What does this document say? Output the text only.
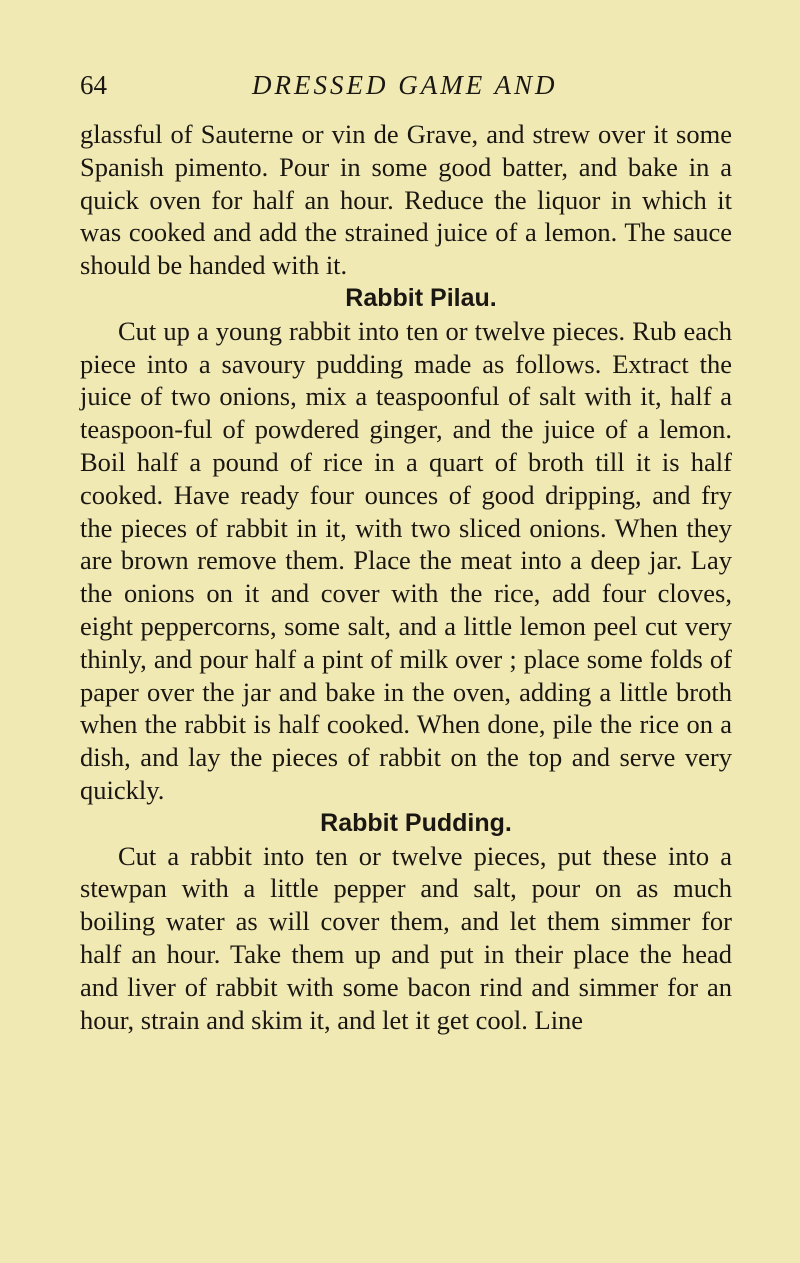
64	DRESSED GAME AND

glassful of Sauterne or vin de Grave, and strew over it some Spanish pimento. Pour in some good batter, and bake in a quick oven for half an hour. Reduce the liquor in which it was cooked and add the strained juice of a lemon. The sauce should be handed with it.

Rabbit Pilau.

Cut up a young rabbit into ten or twelve pieces. Rub each piece into a savoury pudding made as follows. Extract the juice of two onions, mix a teaspoonful of salt with it, half a teaspoon-ful of powdered ginger, and the juice of a lemon. Boil half a pound of rice in a quart of broth till it is half cooked. Have ready four ounces of good dripping, and fry the pieces of rabbit in it, with two sliced onions. When they are brown remove them. Place the meat into a deep jar. Lay the onions on it and cover with the rice, add four cloves, eight peppercorns, some salt, and a little lemon peel cut very thinly, and pour half a pint of milk over ; place some folds of paper over the jar and bake in the oven, adding a little broth when the rabbit is half cooked. When done, pile the rice on a dish, and lay the pieces of rabbit on the top and serve very quickly.

Rabbit Pudding.

Cut a rabbit into ten or twelve pieces, put these into a stewpan with a little pepper and salt, pour on as much boiling water as will cover them, and let them simmer for half an hour. Take them up and put in their place the head and liver of rabbit with some bacon rind and simmer for an hour, strain and skim it, and let it get cool. Line
